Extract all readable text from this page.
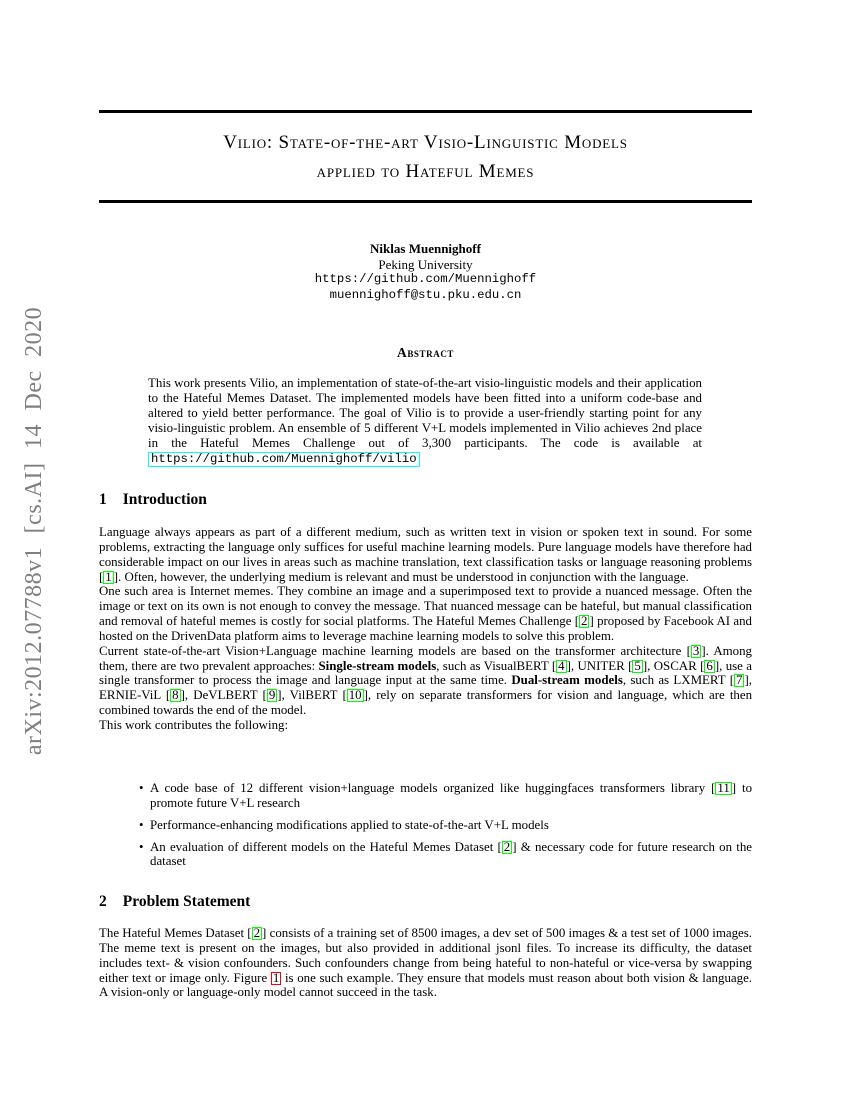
arXiv:2012.07788v1 [cs.AI] 14 Dec 2020
Vilio: State-of-the-art Visio-Linguistic Models
applied to Hateful Memes
Niklas Muennighoff
Peking University
https://github.com/Muennighoff
muennighoff@stu.pku.edu.cn
Abstract
This work presents Vilio, an implementation of state-of-the-art visio-linguistic models and their application to the Hateful Memes Dataset. The implemented models have been fitted into a uniform code-base and altered to yield better performance. The goal of Vilio is to provide a user-friendly starting point for any visio-linguistic problem. An ensemble of 5 different V+L models implemented in Vilio achieves 2nd place in the Hateful Memes Challenge out of 3,300 participants. The code is available at https://github.com/Muennighoff/vilio
1 Introduction

Language always appears as part of a different medium, such as written text in vision or spoken text in sound. For some problems, extracting the language only suffices for useful machine learning models. Pure language models have therefore had considerable impact on our lives in areas such as machine translation, text classification tasks or language reasoning problems [ 1 ]. Often, however, the underlying medium is relevant and must be understood in conjunction with the language.

One such area is Internet memes. They combine an image and a superimposed text to provide a nuanced message. Often the image or text on its own is not enough to convey the message. That nuanced message can be hateful, but manual classification and removal of hateful memes is costly for social platforms. The Hateful Memes Challenge [ 2 ] proposed by Facebook AI and hosted on the DrivenData platform aims to leverage machine learning models to solve this problem.

Current state-of-the-art Vision+Language machine learning models are based on the transformer architecture [ 3 ]. Among them, there are two prevalent approaches: Single-stream models, such as VisualBERT [ 4 ], UNITER [ 5 ], OSCAR [ 6 ], use a single transformer to process the image and language input at the same time. Dual-stream models, such as LXMERT [ 7 ], ERNIE-ViL [ 8 ], DeVLBERT [ 9 ], VilBERT [ 10 ], rely on separate transformers for vision and language, which are then combined towards the end of the model.

This work contributes the following:

• A code base of 12 different vision+language models organized like huggingfaces transformers library [ 11 ] to promote future V+L research
• Performance-enhancing modifications applied to state-of-the-art V+L models
• An evaluation of different models on the Hateful Memes Dataset [ 2 ] & necessary code for future research on the dataset
2 Problem Statement

The Hateful Memes Dataset [ 2 ] consists of a training set of 8500 images, a dev set of 500 images & a test set of 1000 images. The meme text is present on the images, but also provided in additional jsonl files. To increase its difficulty, the dataset includes text- & vision confounders. Such confounders change from being hateful to non-hateful or vice-versa by swapping either text or image only. Figure 1 is one such example. They ensure that models must reason about both vision & language. A vision-only or language-only model cannot succeed in the task.
